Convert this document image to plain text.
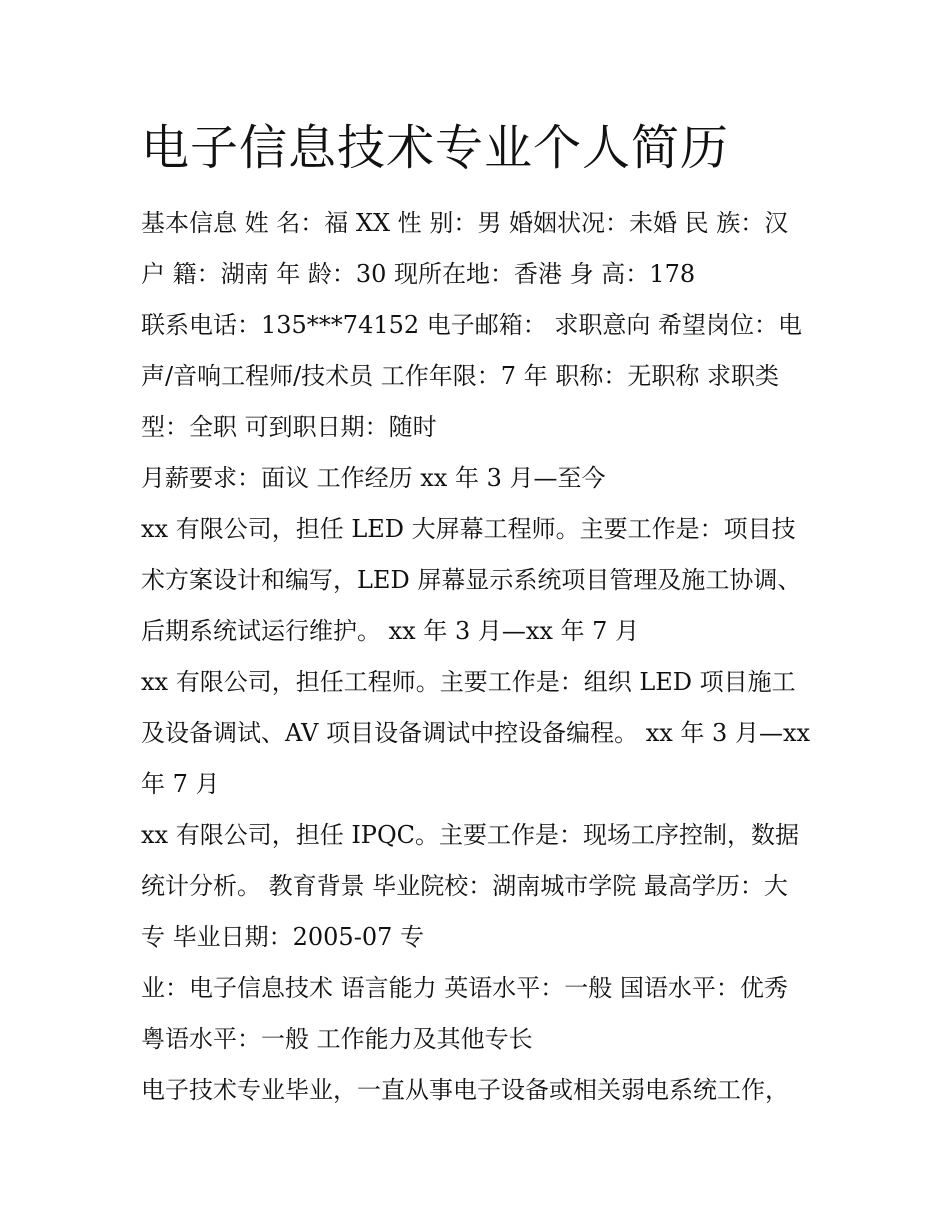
电子信息技术专业个人简历
基本信息 姓 名：福 XX 性 别：男 婚姻状况：未婚 民 族：汉
户 籍：湖南 年 龄：30 现所在地：香港 身 高：178
联系电话：135***74152 电子邮箱： 求职意向 希望岗位：电
声/音响工程师/技术员 工作年限：7 年 职称：无职称 求职类
型：全职 可到职日期：随时
月薪要求：面议 工作经历 xx 年 3 月—至今
xx 有限公司，担任 LED 大屏幕工程师。主要工作是：项目技
术方案设计和编写，LED 屏幕显示系统项目管理及施工协调、
后期系统试运行维护。 xx 年 3 月—xx 年 7 月
xx 有限公司，担任工程师。主要工作是：组织 LED 项目施工
及设备调试、AV 项目设备调试中控设备编程。 xx 年 3 月—xx
年 7 月
xx 有限公司，担任 IPQC。主要工作是：现场工序控制，数据
统计分析。 教育背景 毕业院校：湖南城市学院 最高学历：大
专 毕业日期：2005-07 专
业：电子信息技术 语言能力 英语水平：一般 国语水平：优秀
粤语水平：一般 工作能力及其他专长
电子技术专业毕业，一直从事电子设备或相关弱电系统工作，
